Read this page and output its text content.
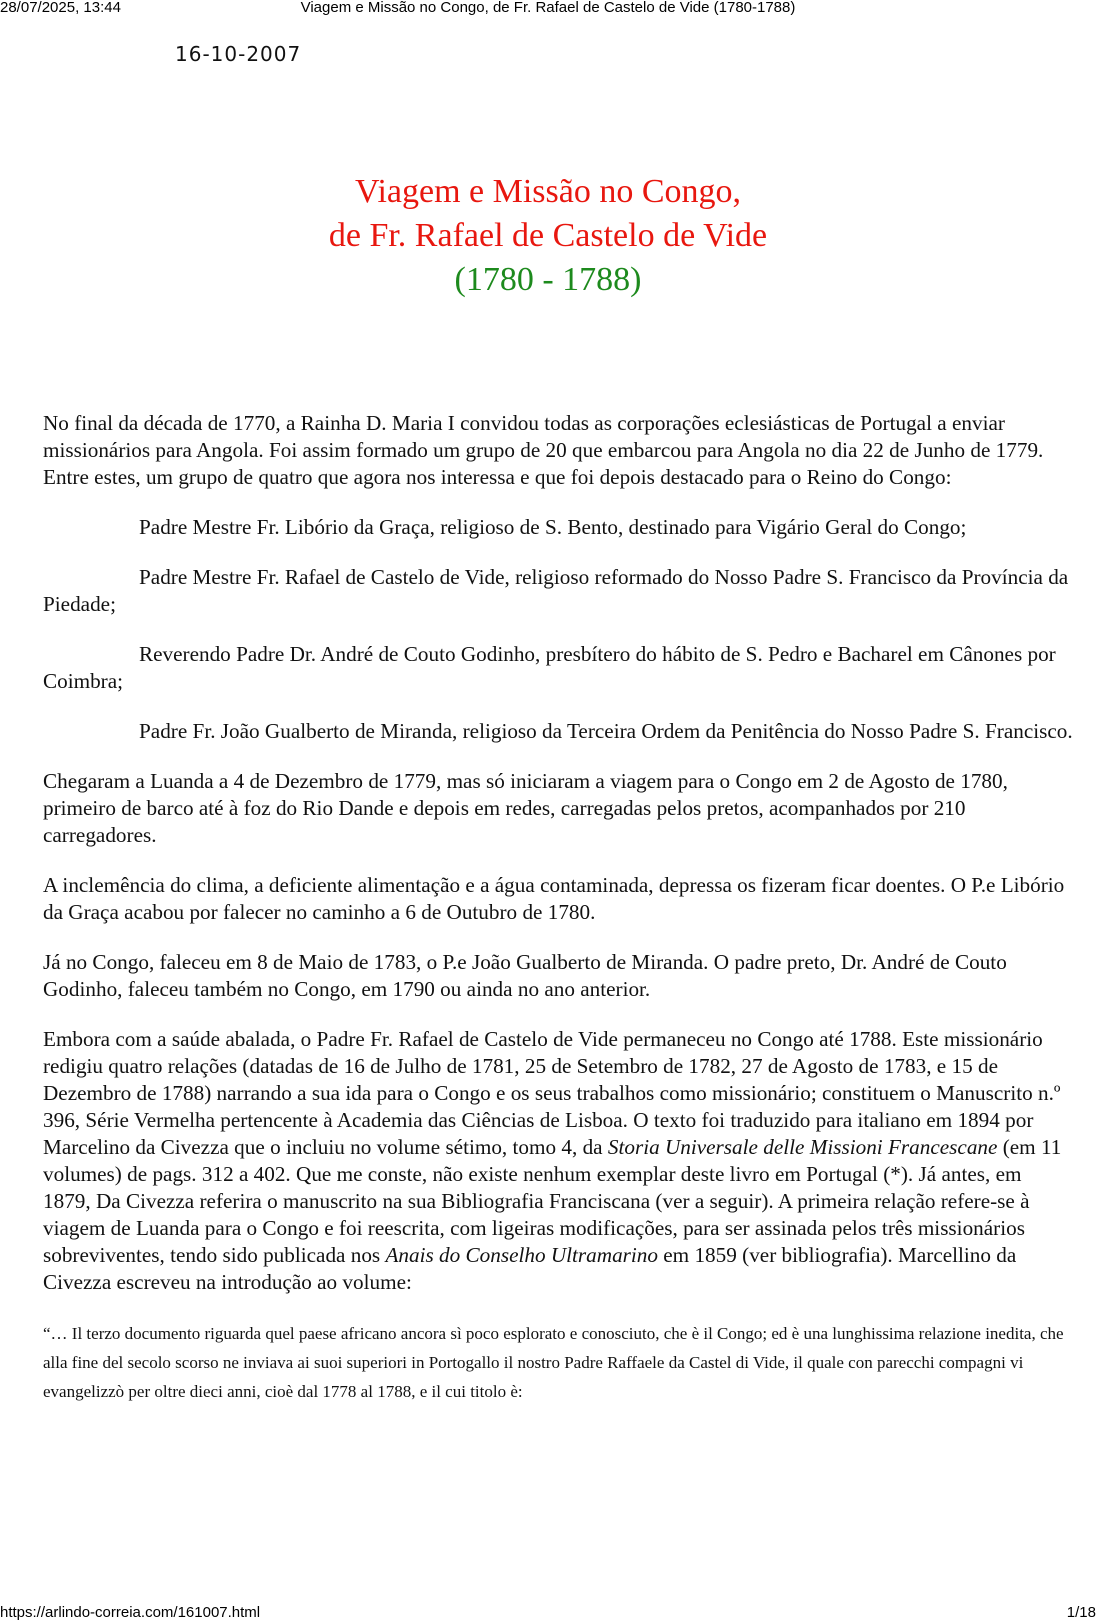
28/07/2025, 13:44	Viagem e Missão no Congo, de Fr. Rafael de Castelo de Vide (1780-1788)
16-10-2007
Viagem e Missão no Congo,
de Fr. Rafael de Castelo de Vide
(1780 - 1788)

No final da década de 1770, a Rainha D. Maria I convidou todas as corporações eclesiásticas de Portugal a enviar missionários para Angola. Foi assim formado um grupo de 20 que embarcou para Angola no dia 22 de Junho de 1779. Entre estes, um grupo de quatro que agora nos interessa e que foi depois destacado para o Reino do Congo:

Padre Mestre Fr. Libório da Graça, religioso de S. Bento, destinado para Vigário Geral do Congo;

Padre Mestre Fr. Rafael de Castelo de Vide, religioso reformado do Nosso Padre S. Francisco da Província da Piedade;

Reverendo Padre Dr. André de Couto Godinho, presbítero do hábito de S. Pedro e Bacharel em Cânones por Coimbra;

Padre Fr. João Gualberto de Miranda, religioso da Terceira Ordem da Penitência do Nosso Padre S. Francisco.

Chegaram a Luanda a 4 de Dezembro de 1779, mas só iniciaram a viagem para o Congo em 2 de Agosto de 1780, primeiro de barco até à foz do Rio Dande e depois em redes, carregadas pelos pretos, acompanhados por 210 carregadores.

A inclemência do clima, a deficiente alimentação e a água contaminada, depressa os fizeram ficar doentes. O P.e Libório da Graça acabou por falecer no caminho a 6 de Outubro de 1780.

Já no Congo, faleceu em 8 de Maio de 1783, o P.e João Gualberto de Miranda. O padre preto, Dr. André de Couto Godinho, faleceu também no Congo, em 1790 ou ainda no ano anterior.

Embora com a saúde abalada, o Padre Fr. Rafael de Castelo de Vide permaneceu no Congo até 1788. Este missionário redigiu quatro relações (datadas de 16 de Julho de 1781, 25 de Setembro de 1782, 27 de Agosto de 1783, e 15 de Dezembro de 1788) narrando a sua ida para o Congo e os seus trabalhos como missionário; constituem o Manuscrito n.º 396, Série Vermelha pertencente à Academia das Ciências de Lisboa. O texto foi traduzido para italiano em 1894 por Marcelino da Civezza que o incluiu no volume sétimo, tomo 4, da Storia Universale delle Missioni Francescane (em 11 volumes) de pags. 312 a 402. Que me conste, não existe nenhum exemplar deste livro em Portugal (*). Já antes, em 1879, Da Civezza referira o manuscrito na sua Bibliografia Franciscana (ver a seguir). A primeira relação refere-se à viagem de Luanda para o Congo e foi reescrita, com ligeiras modificações, para ser assinada pelos três missionários sobreviventes, tendo sido publicada nos Anais do Conselho Ultramarino em 1859 (ver bibliografia). Marcellino da Civezza escreveu na introdução ao volume:

“… Il terzo documento riguarda quel paese africano ancora sì poco esplorato e conosciuto, che è il Congo; ed è una lunghissima relazione inedita, che alla fine del secolo scorso ne inviava ai suoi superiori in Portogallo il nostro Padre Raffaele da Castel di Vide, il quale con parecchi compagni vi evangelizzò per oltre dieci anni, cioè dal 1778 al 1788, e il cui titolo è:

https://arlindo-correia.com/161007.html	1/18
